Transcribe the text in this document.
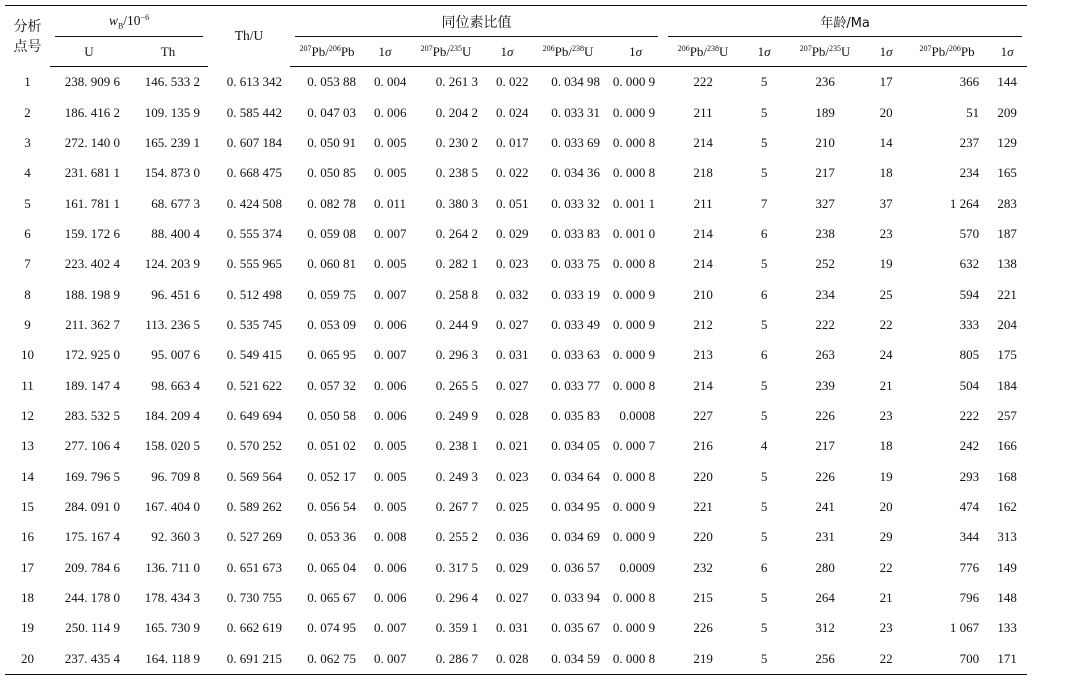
分析
点号	$w_B/10^{-6}$		Th/U	同位素比值						年龄/Ma					
	U	Th		$^{207}$Pb/$^{206}$Pb	1σ	$^{207}$Pb/$^{235}$U	1σ	$^{206}$Pb/$^{238}$U	1σ	$^{206}$Pb/$^{238}$U	1σ	$^{207}$Pb/$^{235}$U	1σ	$^{207}$Pb/$^{206}$Pb	1σ
1	238. 909 6	146. 533 2	0. 613 342	0. 053 88	0. 004	0. 261 3	0. 022	0. 034 98	0. 000 9	222	5	236	17	366	144
2	186. 416 2	109. 135 9	0. 585 442	0. 047 03	0. 006	0. 204 2	0. 024	0. 033 31	0. 000 9	211	5	189	20	51	209
3	272. 140 0	165. 239 1	0. 607 184	0. 050 91	0. 005	0. 230 2	0. 017	0. 033 69	0. 000 8	214	5	210	14	237	129
4	231. 681 1	154. 873 0	0. 668 475	0. 050 85	0. 005	0. 238 5	0. 022	0. 034 36	0. 000 8	218	5	217	18	234	165
5	161. 781 1	68. 677 3	0. 424 508	0. 082 78	0. 011	0. 380 3	0. 051	0. 033 32	0. 001 1	211	7	327	37	1 264	283
6	159. 172 6	88. 400 4	0. 555 374	0. 059 08	0. 007	0. 264 2	0. 029	0. 033 83	0. 001 0	214	6	238	23	570	187
7	223. 402 4	124. 203 9	0. 555 965	0. 060 81	0. 005	0. 282 1	0. 023	0. 033 75	0. 000 8	214	5	252	19	632	138
8	188. 198 9	96. 451 6	0. 512 498	0. 059 75	0. 007	0. 258 8	0. 032	0. 033 19	0. 000 9	210	6	234	25	594	221
9	211. 362 7	113. 236 5	0. 535 745	0. 053 09	0. 006	0. 244 9	0. 027	0. 033 49	0. 000 9	212	5	222	22	333	204
10	172. 925 0	95. 007 6	0. 549 415	0. 065 95	0. 007	0. 296 3	0. 031	0. 033 63	0. 000 9	213	6	263	24	805	175
11	189. 147 4	98. 663 4	0. 521 622	0. 057 32	0. 006	0. 265 5	0. 027	0. 033 77	0. 000 8	214	5	239	21	504	184
12	283. 532 5	184. 209 4	0. 649 694	0. 050 58	0. 006	0. 249 9	0. 028	0. 035 83	0.0008	227	5	226	23	222	257
13	277. 106 4	158. 020 5	0. 570 252	0. 051 02	0. 005	0. 238 1	0. 021	0. 034 05	0. 000 7	216	4	217	18	242	166
14	169. 796 5	96. 709 8	0. 569 564	0. 052 17	0. 005	0. 249 3	0. 023	0. 034 64	0. 000 8	220	5	226	19	293	168
15	284. 091 0	167. 404 0	0. 589 262	0. 056 54	0. 005	0. 267 7	0. 025	0. 034 95	0. 000 9	221	5	241	20	474	162
16	175. 167 4	92. 360 3	0. 527 269	0. 053 36	0. 008	0. 255 2	0. 036	0. 034 69	0. 000 9	220	5	231	29	344	313
17	209. 784 6	136. 711 0	0. 651 673	0. 065 04	0. 006	0. 317 5	0. 029	0. 036 57	0.0009	232	6	280	22	776	149
18	244. 178 0	178. 434 3	0. 730 755	0. 065 67	0. 006	0. 296 4	0. 027	0. 033 94	0. 000 8	215	5	264	21	796	148
19	250. 114 9	165. 730 9	0. 662 619	0. 074 95	0. 007	0. 359 1	0. 031	0. 035 67	0. 000 9	226	5	312	23	1 067	133
20	237. 435 4	164. 118 9	0. 691 215	0. 062 75	0. 007	0. 286 7	0. 028	0. 034 59	0. 000 8	219	5	256	22	700	171
